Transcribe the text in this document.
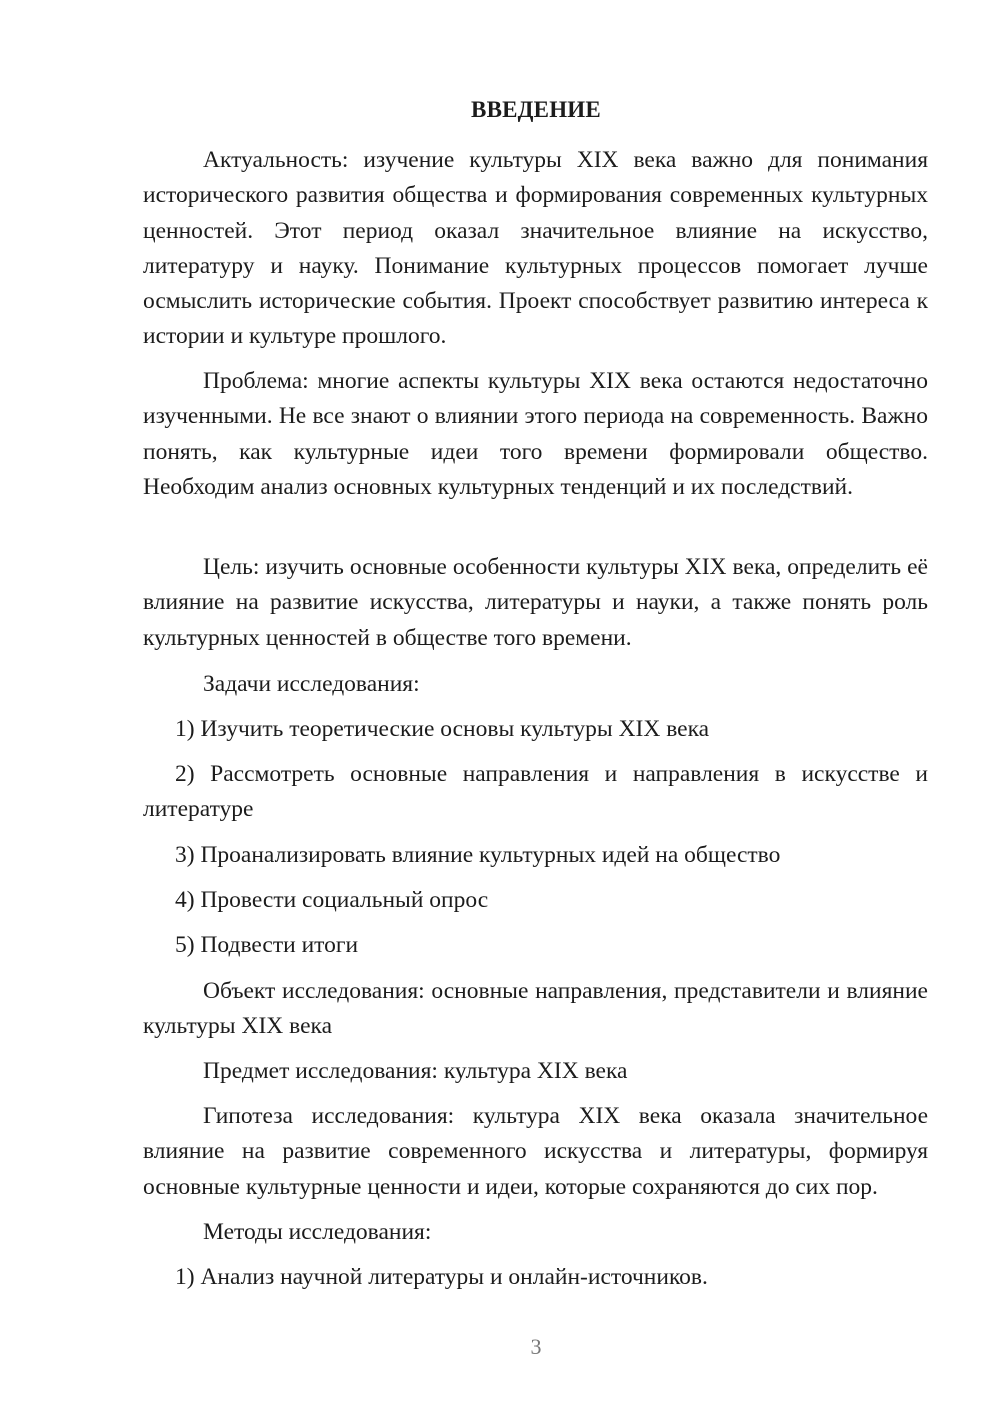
ВВЕДЕНИЕ

Актуальность: изучение культуры XIX века важно для понимания исторического развития общества и формирования современных культурных ценностей. Этот период оказал значительное влияние на искусство, литературу и науку. Понимание культурных процессов помогает лучше осмыслить исторические события. Проект способствует развитию интереса к истории и культуре прошлого.

Проблема: многие аспекты культуры XIX века остаются недостаточно изученными. Не все знают о влиянии этого периода на современность. Важно понять, как культурные идеи того времени формировали общество. Необходим анализ основных культурных тенденций и их последствий.

Цель: изучить основные особенности культуры XIX века, определить её влияние на развитие искусства, литературы и науки, а также понять роль культурных ценностей в обществе того времени.

Задачи исследования:

1) Изучить теоретические основы культуры XIX века

2) Рассмотреть основные направления и направления в искусстве и литературе

3) Проанализировать влияние культурных идей на общество

4) Провести социальный опрос

5) Подвести итоги

Объект исследования: основные направления, представители и влияние культуры XIX века

Предмет исследования: культура XIX века

Гипотеза исследования: культура XIX века оказала значительное влияние на развитие современного искусства и литературы, формируя основные культурные ценности и идеи, которые сохраняются до сих пор.

Методы исследования:

1) Анализ научной литературы и онлайн-источников.

3
